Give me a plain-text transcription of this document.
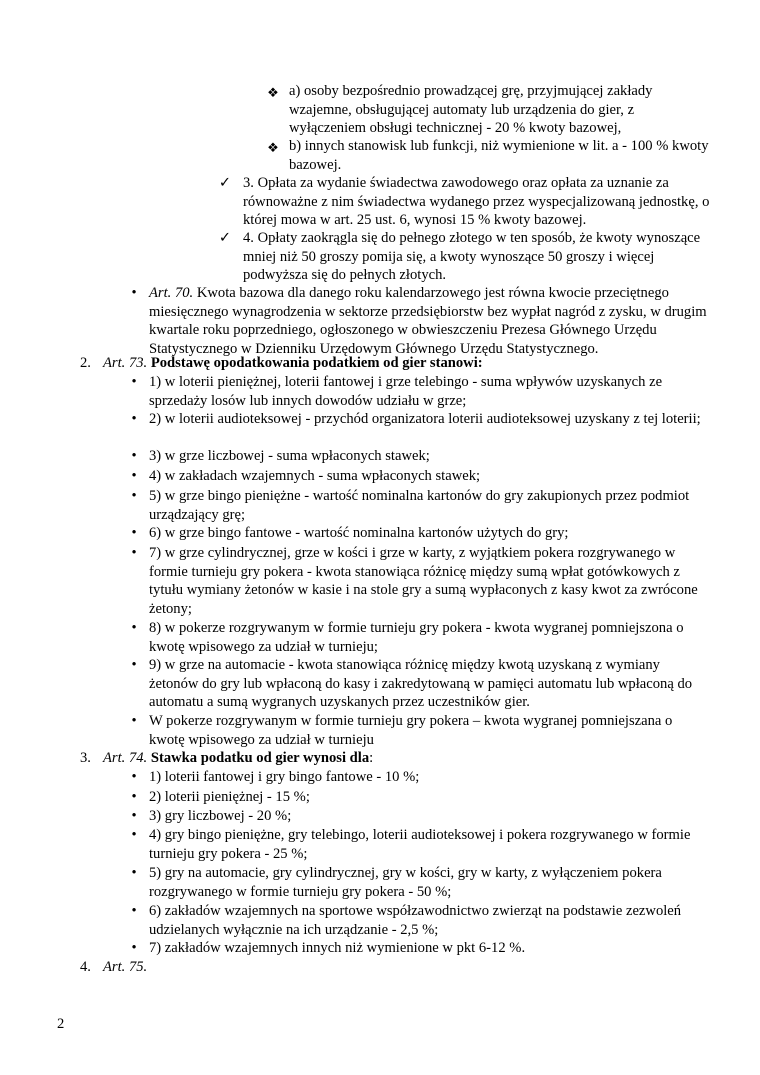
❖ a) osoby bezpośrednio prowadzącej grę, przyjmującej zakłady wzajemne, obsługującej automaty lub urządzenia do gier, z wyłączeniem obsługi technicznej - 20 % kwoty bazowej,
❖ b) innych stanowisk lub funkcji, niż wymienione w lit. a - 100 % kwoty bazowej.
✓ 3. Opłata za wydanie świadectwa zawodowego oraz opłata za uznanie za równoważne z nim świadectwa wydanego przez wyspecjalizowaną jednostkę, o której mowa w art. 25 ust. 6, wynosi 15 % kwoty bazowej.
✓ 4. Opłaty zaokrągla się do pełnego złotego w ten sposób, że kwoty wynoszące mniej niż 50 groszy pomija się, a kwoty wynoszące 50 groszy i więcej podwyższa się do pełnych złotych.
• Art. 70. Kwota bazowa dla danego roku kalendarzowego jest równa kwocie przeciętnego miesięcznego wynagrodzenia w sektorze przedsiębiorstw bez wypłat nagród z zysku, w drugim kwartale roku poprzedniego, ogłoszonego w obwieszczeniu Prezesa Głównego Urzędu Statystycznego w Dzienniku Urzędowym Głównego Urzędu Statystycznego.
2. Art. 73. Podstawę opodatkowania podatkiem od gier stanowi:
• 1) w loterii pieniężnej, loterii fantowej i grze telebingo - suma wpływów uzyskanych ze sprzedaży losów lub innych dowodów udziału w grze;
• 2) w loterii audioteksowej - przychód organizatora loterii audioteksowej uzyskany z tej loterii;
• 3) w grze liczbowej - suma wpłaconych stawek;
• 4) w zakładach wzajemnych - suma wpłaconych stawek;
• 5) w grze bingo pieniężne - wartość nominalna kartonów do gry zakupionych przez podmiot urządzający grę;
• 6) w grze bingo fantowe - wartość nominalna kartonów użytych do gry;
• 7) w grze cylindrycznej, grze w kości i grze w karty, z wyjątkiem pokera rozgrywanego w formie turnieju gry pokera - kwota stanowiąca różnicę między sumą wpłat gotówkowych z tytułu wymiany żetonów w kasie i na stole gry a sumą wypłaconych z kasy kwot za zwrócone żetony;
• 8) w pokerze rozgrywanym w formie turnieju gry pokera - kwota wygranej pomniejszona o kwotę wpisowego za udział w turnieju;
• 9) w grze na automacie - kwota stanowiąca różnicę między kwotą uzyskaną z wymiany żetonów do gry lub wpłaconą do kasy i zakredytowaną w pamięci automatu lub wpłaconą do automatu a sumą wygranych uzyskanych przez uczestników gier.
• W pokerze rozgrywanym w formie turnieju gry pokera – kwota wygranej pomniejszana o kwotę wpisowego za udział w turnieju
3. Art. 74. Stawka podatku od gier wynosi dla:
• 1) loterii fantowej i gry bingo fantowe - 10 %;
• 2) loterii pieniężnej - 15 %;
• 3) gry liczbowej - 20 %;
• 4) gry bingo pieniężne, gry telebingo, loterii audioteksowej i pokera rozgrywanego w formie turnieju gry pokera - 25 %;
• 5) gry na automacie, gry cylindrycznej, gry w kości, gry w karty, z wyłączeniem pokera rozgrywanego w formie turnieju gry pokera - 50 %;
• 6) zakładów wzajemnych na sportowe współzawodnictwo zwierząt na podstawie zezwoleń udzielanych wyłącznie na ich urządzanie - 2,5 %;
• 7) zakładów wzajemnych innych niż wymienione w pkt 6-12 %.
4. Art. 75.
2
